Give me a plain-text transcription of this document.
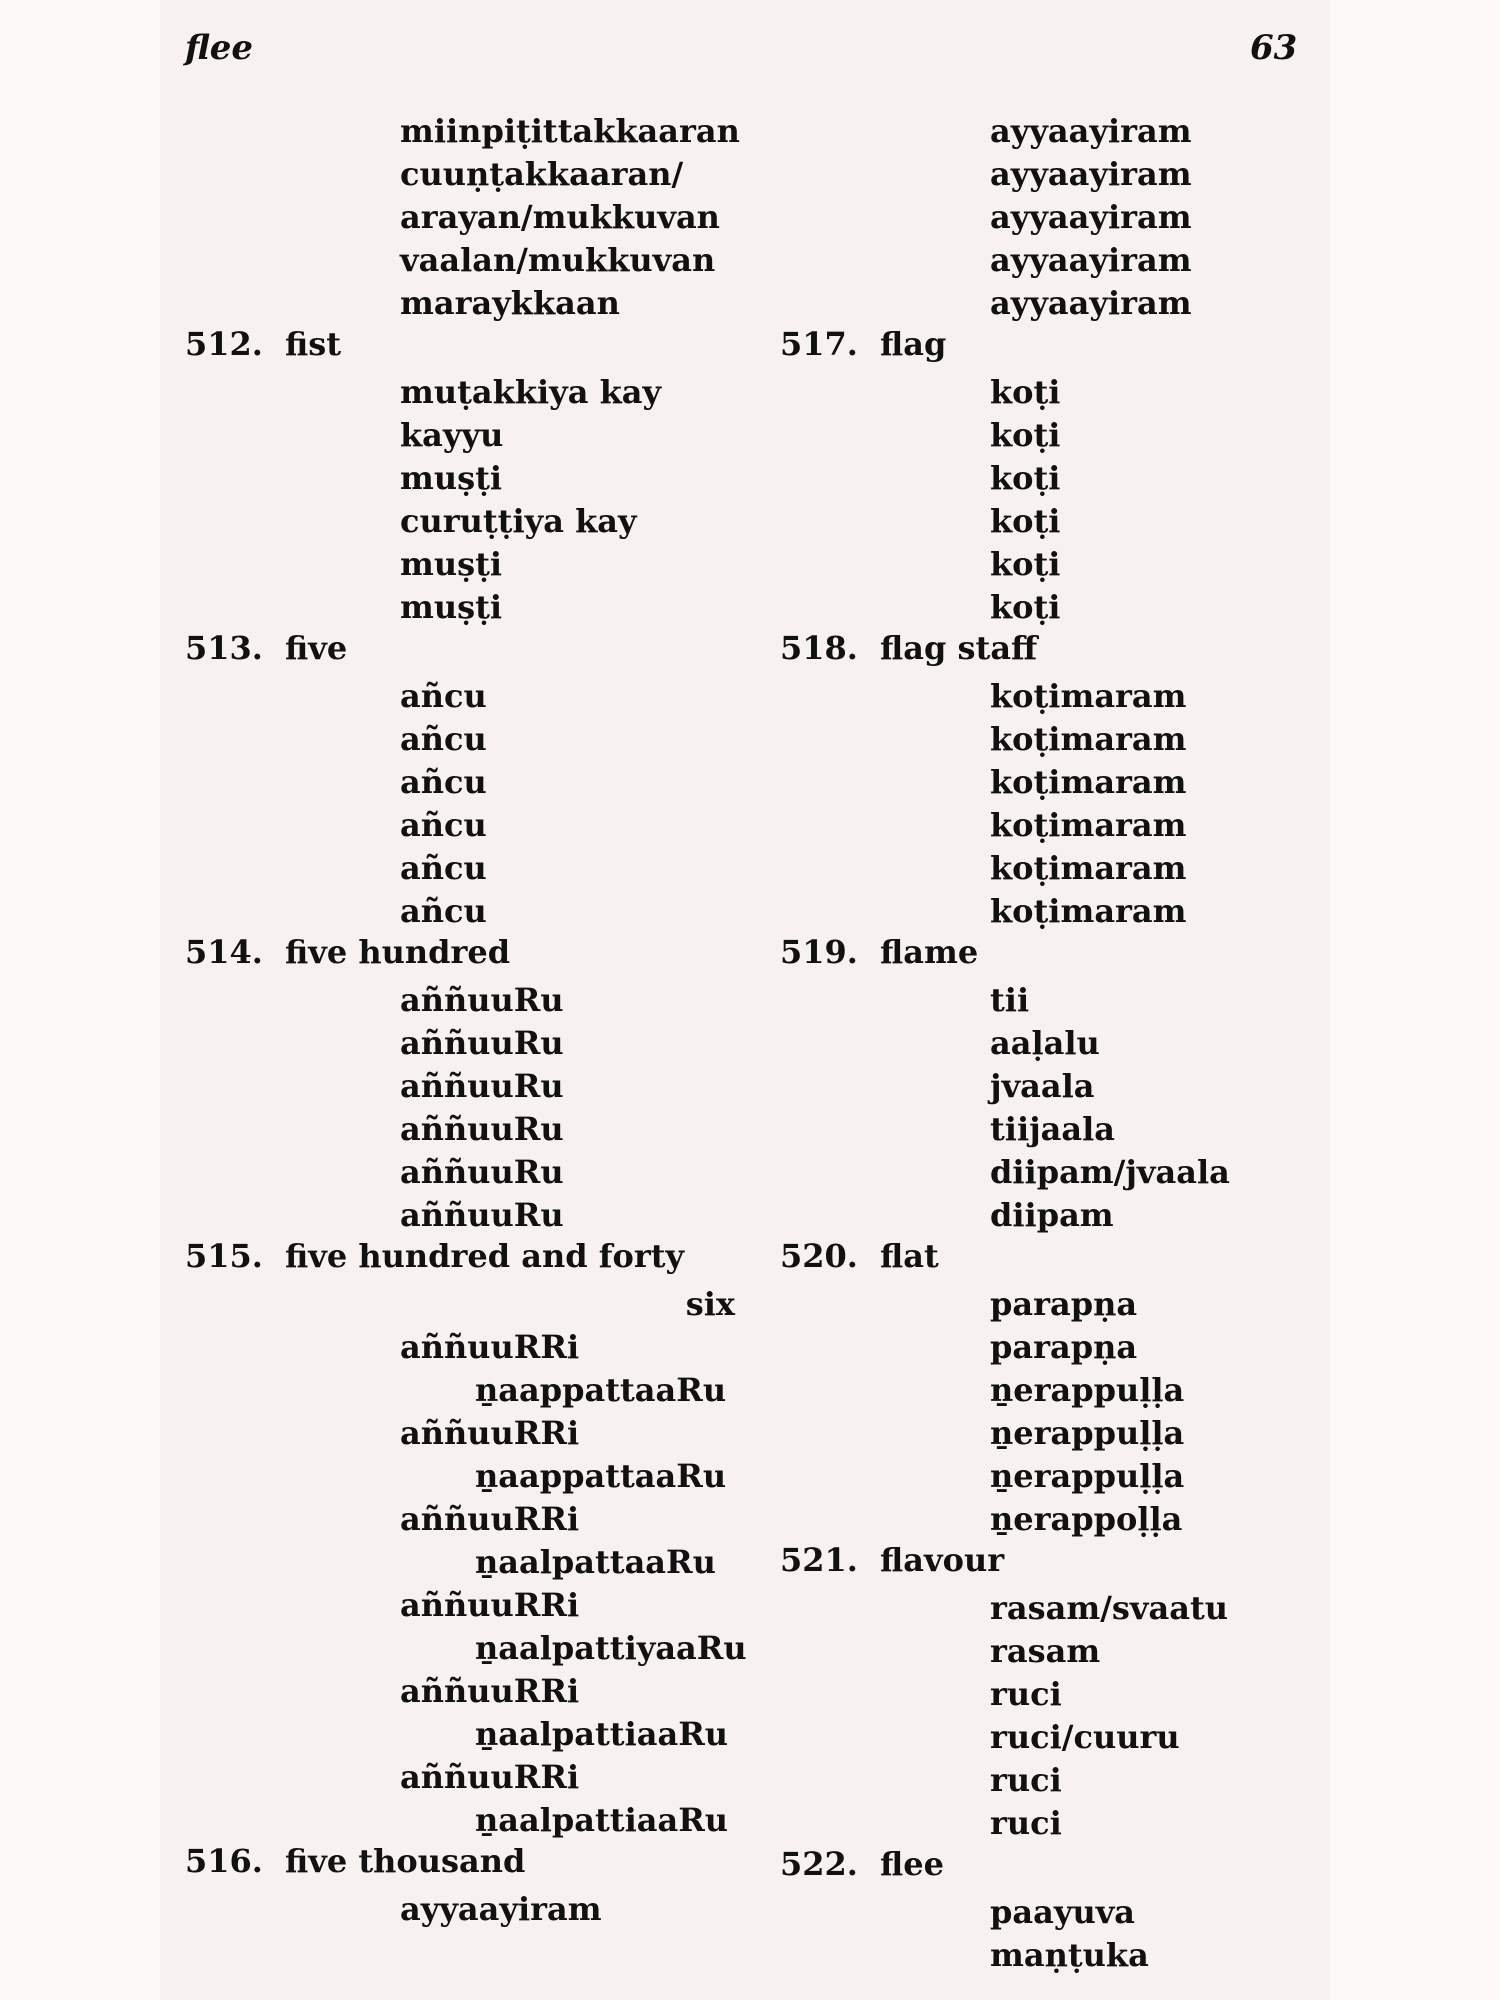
flee	63
miinpiṭittakkaaran
cuuṇṭakkaaran/
arayan/mukkuvan
vaalan/mukkuvan
maraykkaan
512. fist
muṭakkiya kay
kayyu
muṣṭi
curuṭṭiya kay
muṣṭi
muṣṭi
513. five
añcu
añcu
añcu
añcu
añcu
añcu
514. five hundred
aññuuRu
aññuuRu
aññuuRu
aññuuRu
aññuuRu
aññuuRu
515. five hundred and forty
six
aññuuRRi
ṉaappattaaRu
aññuuRRi
ṉaappattaaRu
aññuuRRi
ṉaalpattaaRu
aññuuRRi
ṉaalpattiyaaRu
aññuuRRi
ṉaalpattiaaRu
aññuuRRi
ṉaalpattiaaRu
516. five thousand
ayyaayiram
ayyaayiram
ayyaayiram
ayyaayiram
ayyaayiram
ayyaayiram
517. flag
koṭi
koṭi
koṭi
koṭi
koṭi
koṭi
518. flag staff
koṭimaram
koṭimaram
koṭimaram
koṭimaram
koṭimaram
koṭimaram
519. flame
tii
aaḷalu
jvaala
tiijaala
diipam/jvaala
diipam
520. flat
parapṇa
parapṇa
ṉerappuḷḷa
ṉerappuḷḷa
ṉerappuḷḷa
ṉerappoḷḷa
521. flavour
rasam/svaatu
rasam
ruci
ruci/cuuru
ruci
ruci
522. flee
paayuva
maṇṭuka
